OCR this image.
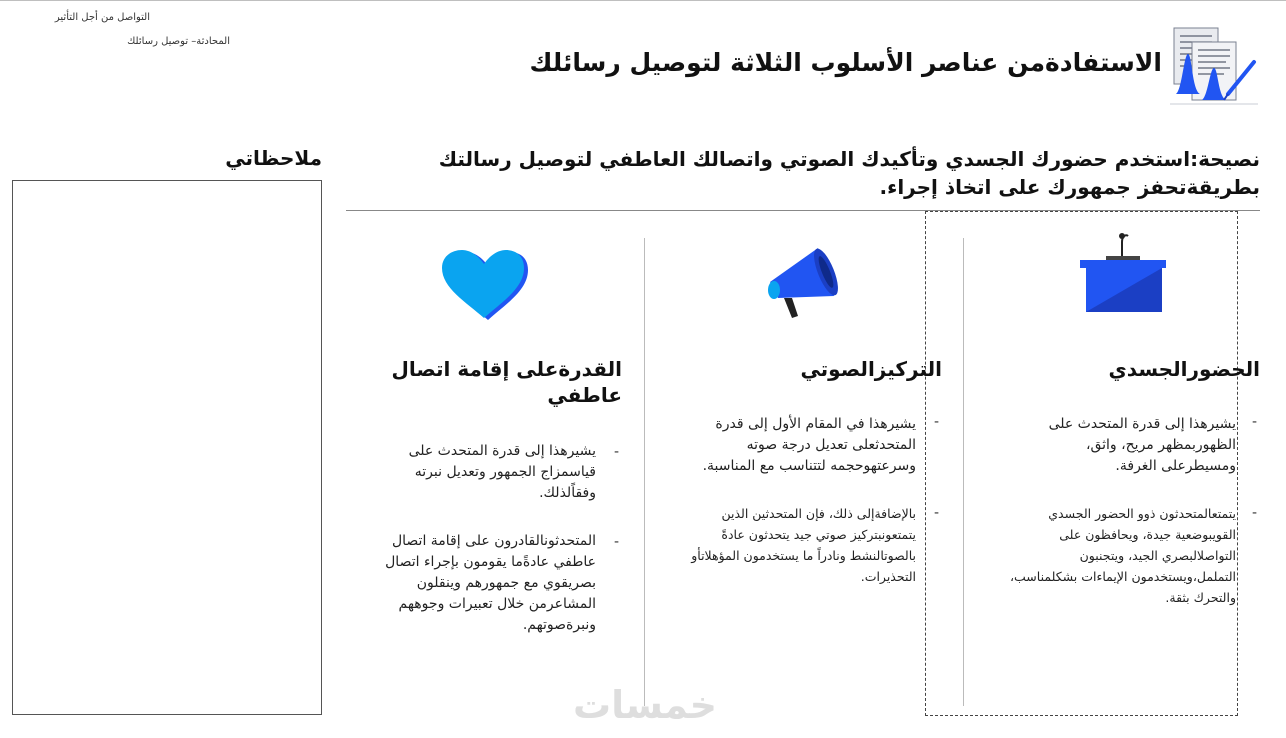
التواصل من أجل التأثير
المحادثة– توصيل رسائلك
الاستفادةمن عناصر الأسلوب الثلاثة لتوصيل رسائلك
نصيحة:استخدم حضورك الجسدي وتأكيدك الصوتي واتصالك العاطفي لتوصيل رسالتك بطريقةتحفز جمهورك على اتخاذ إجراء.
ملاحظاتي
الحضورالجسدي
-
يشيرهذا إلى قدرة المتحدث على الظهوربمظهر مريح، واثق، ومسيطرعلى الغرفة.
-
يتمتعالمتحدثون ذوو الحضور الجسدي القويبوضعية جيدة، ويحافظون على التواصلالبصري الجيد، ويتجنبون التململ،ويستخدمون الإيماءات بشكلمناسب، والتحرك بثقة.
التركيزالصوتي
-
يشيرهذا في المقام الأول إلى قدرة المتحدثعلى تعديل درجة صوته وسرعتهوحجمه لتتناسب مع المناسبة.
-
بالإضافةإلى ذلك، فإن المتحدثين الذين يتمتعونبتركيز صوتي جيد يتحدثون عادةً بالصوتالنشط ونادراً ما يستخدمون المؤهلاتأو التحذيرات.
القدرةعلى إقامة اتصال عاطفي
-
يشيرهذا إلى قدرة المتحدث على قياسمزاج الجمهور وتعديل نبرته وفقاًلذلك.
-
المتحدثونالقادرون على إقامة اتصال عاطفي عادةًما يقومون بإجراء اتصال بصريقوي مع جمهورهم وينقلون المشاعرمن خلال تعبيرات وجوههم ونبرةصوتهم.
خمسات
